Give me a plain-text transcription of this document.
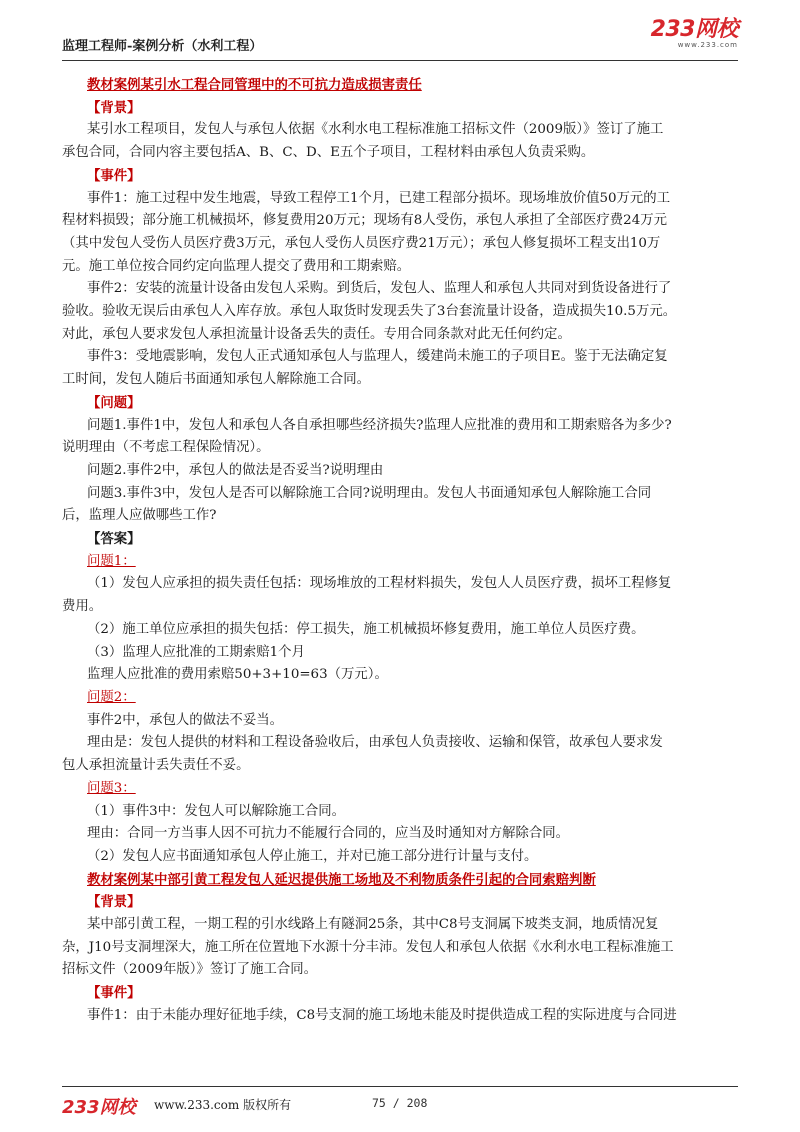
监理工程师-案例分析（水利工程）
233网校
www.233.com
教材案例某引水工程合同管理中的不可抗力造成损害责任
【背景】
某引水工程项目，发包人与承包人依据《水利水电工程标准施工招标文件（2009版）》签订了施工
承包合同，合同内容主要包括A、B、C、D、E五个子项目，工程材料由承包人负责采购。
【事件】
事件1：施工过程中发生地震，导致工程停工1个月，已建工程部分损坏。现场堆放价值50万元的工
程材料损毁；部分施工机械损坏，修复费用20万元；现场有8人受伤，承包人承担了全部医疗费24万元
（其中发包人受伤人员医疗费3万元，承包人受伤人员医疗费21万元）；承包人修复损坏工程支出10万
元。施工单位按合同约定向监理人提交了费用和工期索赔。
事件2：安装的流量计设备由发包人采购。到货后，发包人、监理人和承包人共同对到货设备进行了
验收。验收无误后由承包人入库存放。承包人取货时发现丢失了3台套流量计设备，造成损失10.5万元。
对此，承包人要求发包人承担流量计设备丢失的责任。专用合同条款对此无任何约定。
事件3：受地震影响，发包人正式通知承包人与监理人，缓建尚未施工的子项目E。鉴于无法确定复
工时间，发包人随后书面通知承包人解除施工合同。
【问题】
问题1.事件1中，发包人和承包人各自承担哪些经济损失?监理人应批准的费用和工期索赔各为多少?
说明理由（不考虑工程保险情况）。
问题2.事件2中，承包人的做法是否妥当?说明理由
问题3.事件3中，发包人是否可以解除施工合同?说明理由。发包人书面通知承包人解除施工合同
后，监理人应做哪些工作?
【答案】
问题1：
（1）发包人应承担的损失责任包括：现场堆放的工程材料损失，发包人人员医疗费，损坏工程修复
费用。
（2）施工单位应承担的损失包括：停工损失，施工机械损坏修复费用，施工单位人员医疗费。
（3）监理人应批准的工期索赔1个月
监理人应批准的费用索赔50+3+10=63（万元）。
问题2：
事件2中，承包人的做法不妥当。
理由是：发包人提供的材料和工程设备验收后，由承包人负责接收、运输和保管，故承包人要求发
包人承担流量计丢失责任不妥。
问题3：
（1）事件3中：发包人可以解除施工合同。
理由：合同一方当事人因不可抗力不能履行合同的，应当及时通知对方解除合同。
（2）发包人应书面通知承包人停止施工，并对已施工部分进行计量与支付。
教材案例某中部引黄工程发包人延迟提供施工场地及不利物质条件引起的合同索赔判断
【背景】
某中部引黄工程，一期工程的引水线路上有隧洞25条，其中C8号支洞属下坡类支洞，地质情况复
杂，J10号支洞埋深大，施工所在位置地下水源十分丰沛。发包人和承包人依据《水利水电工程标准施工
招标文件（2009年版）》签订了施工合同。
【事件】
事件1：由于未能办理好征地手续，C8号支洞的施工场地未能及时提供造成工程的实际进度与合同进
233网校 www.233.com 版权所有	75 / 208
